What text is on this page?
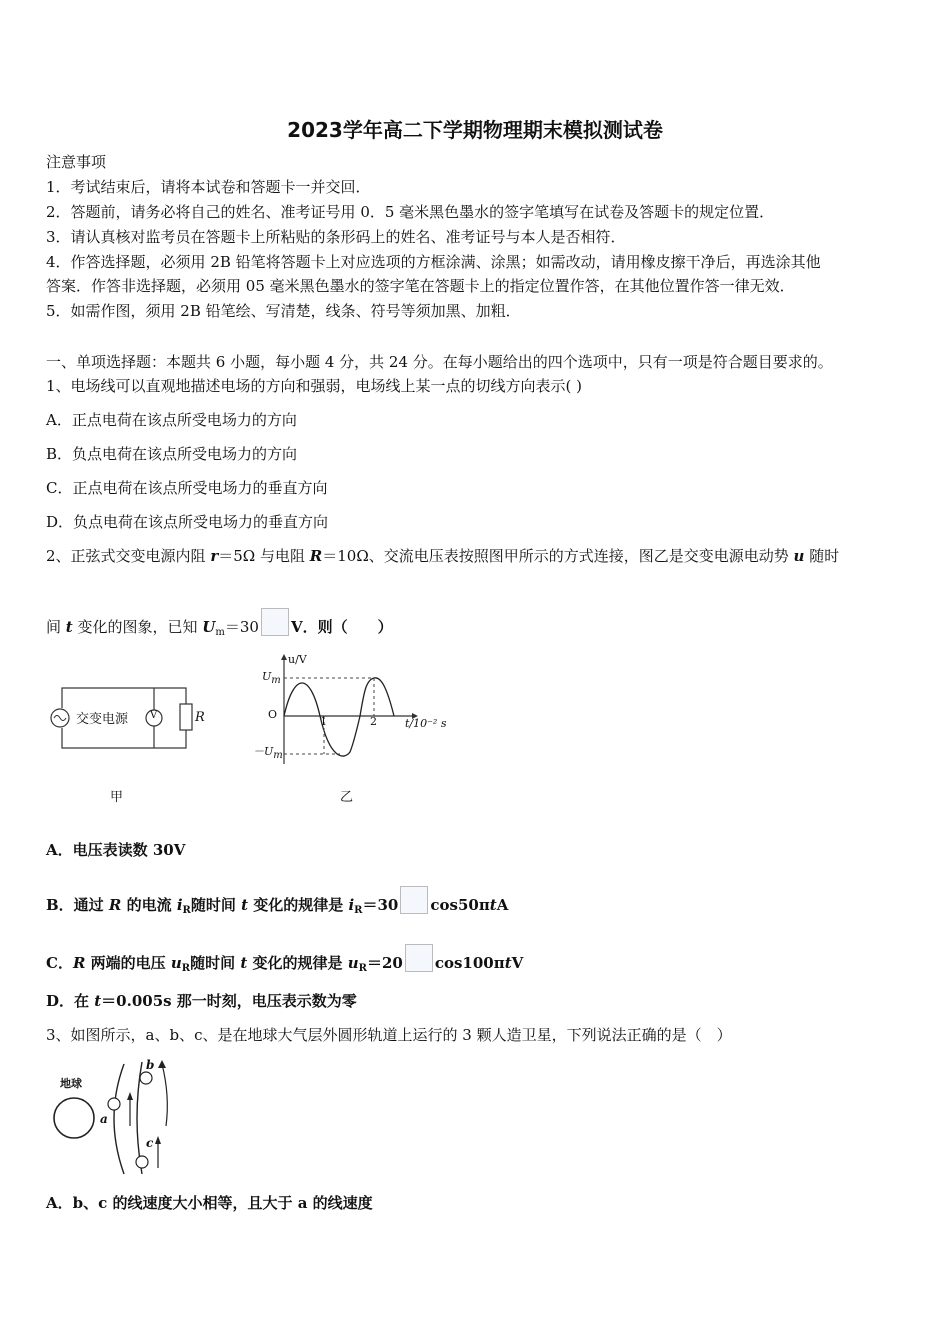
2023学年高二下学期物理期末模拟测试卷
注意事项
1．考试结束后，请将本试卷和答题卡一并交回．
2．答题前，请务必将自己的姓名、准考证号用 0．5 毫米黑色墨水的签字笔填写在试卷及答题卡的规定位置．
3．请认真核对监考员在答题卡上所粘贴的条形码上的姓名、准考证号与本人是否相符．
4．作答选择题，必须用 2B 铅笔将答题卡上对应选项的方框涂满、涂黑；如需改动，请用橡皮擦干净后，再选涂其他
答案．作答非选择题，必须用 05 毫米黑色墨水的签字笔在答题卡上的指定位置作答，在其他位置作答一律无效．
5．如需作图，须用 2B 铅笔绘、写清楚，线条、符号等须加黑、加粗．
一、单项选择题：本题共 6 小题，每小题 4 分，共 24 分。在每小题给出的四个选项中，只有一项是符合题目要求的。
1、电场线可以直观地描述电场的方向和强弱，电场线上某一点的切线方向表示( )
A．正点电荷在该点所受电场力的方向
B．负点电荷在该点所受电场力的方向
C．正点电荷在该点所受电场力的垂直方向
D．负点电荷在该点所受电场力的垂直方向
2、正弦式交变电源内阻 r＝5Ω 与电阻 R＝10Ω、交流电压表按照图甲所示的方式连接，图乙是交变电源电动势 u 随时
间 t 变化的图象，已知 $U_m=30$ V．则（　　）
交变电源 V	R
甲
u/V
Um
O
－Um
1	2	t/10⁻² s
乙
A．电压表读数 30V
B．通过 R 的电流 $i_R$随时间 t 变化的规律是 $i_R=30$ cos50πtA
C．R 两端的电压 $u_R$随时间 t 变化的规律是 $u_R=20$ cos100πtV
D．在 t＝0.005s 那一时刻，电压表示数为零
3、如图所示，a、b、c、是在地球大气层外圆形轨道上运行的 3 颗人造卫星，下列说法正确的是（　）
地球
a
b
c
A．b、c 的线速度大小相等，且大于 a 的线速度
